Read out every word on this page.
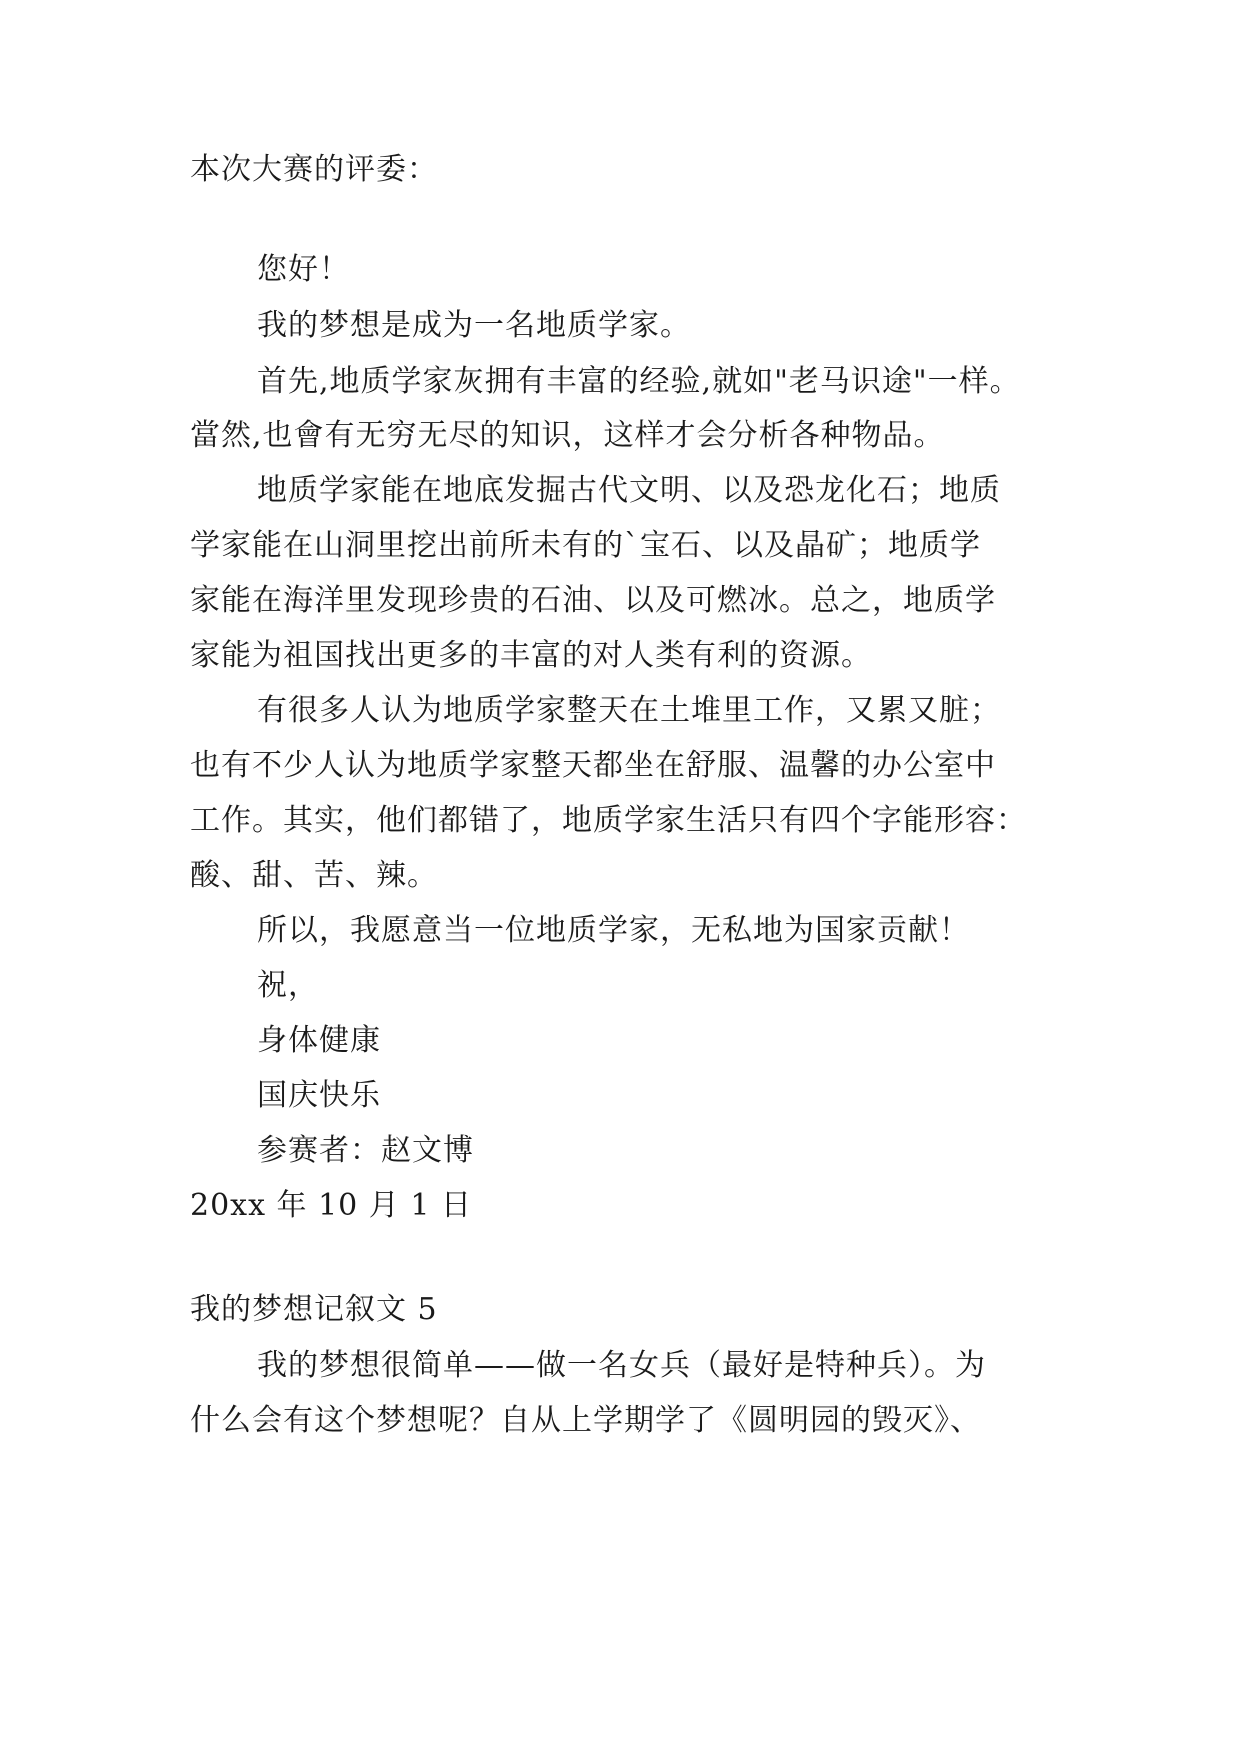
本次大赛的评委：
您好！
我的梦想是成为一名地质学家。
首先,地质学家灰拥有丰富的经验,就如"老马识途"一样。
當然,也會有无穷无尽的知识，这样才会分析各种物品。
地质学家能在地底发掘古代文明、以及恐龙化石；地质
学家能在山洞里挖出前所未有的`宝石、以及晶矿；地质学
家能在海洋里发现珍贵的石油、以及可燃冰。总之，地质学
家能为祖国找出更多的丰富的对人类有利的资源。
有很多人认为地质学家整天在土堆里工作，又累又脏；
也有不少人认为地质学家整天都坐在舒服、温馨的办公室中
工作。其实，他们都错了，地质学家生活只有四个字能形容：
酸、甜、苦、辣。
所以，我愿意当一位地质学家，无私地为国家贡献！
祝，
身体健康
国庆快乐
参赛者：赵文博
20xx 年 10 月 1 日
我的梦想记叙文 5
我的梦想很简单——做一名女兵（最好是特种兵）。为
什么会有这个梦想呢？自从上学期学了《圆明园的毁灭》、
